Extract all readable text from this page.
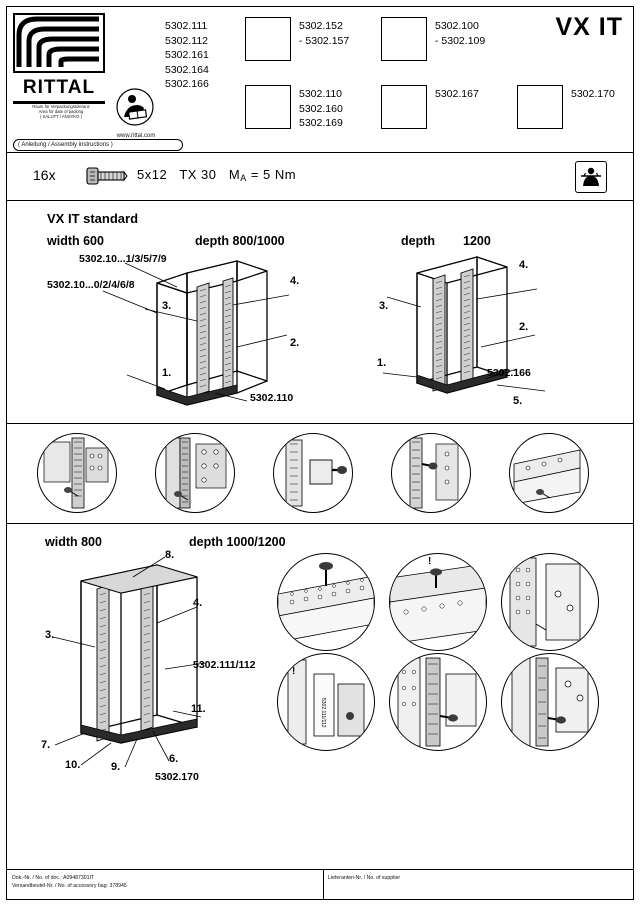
RITTAL
Raum für Verpackungstoleranz
Area for date of packing
( SALUTT / ANSYKO )
www.rittal.com
5302.111
5302.112
5302.161
5302.164
5302.166
5302.152
- 5302.157
5302.100
- 5302.109
5302.110
5302.160
5302.169
5302.167	5302.170
VX IT
( Anleitung / Assembly instructions )
16x	5x12 TX 30 $M_A = 5$ Nm
VX IT standard
width 600	depth 800/1000	depth 1200
5302.10...1/3/5/7/9
5302.10...0/2/4/6/8
3.
1.
4.
2.
5302.110
3.
1.
4.
2.
5.
5302.166
1.	2.	3.	4.	5.
width 800	depth 1000/1200
8.
4.
3.
7.
10.	9.
6.
11.
5302.111/112
5302.170
6.	7. !	8.
9.
5302.111/112
!
10.	11.
Dok.-Nr. / No. of doc.: A09487301IT
Versandbeutel-Nr. / No. of accessory bag: 378945
Lieferanten-Nr. / No. of supplier
